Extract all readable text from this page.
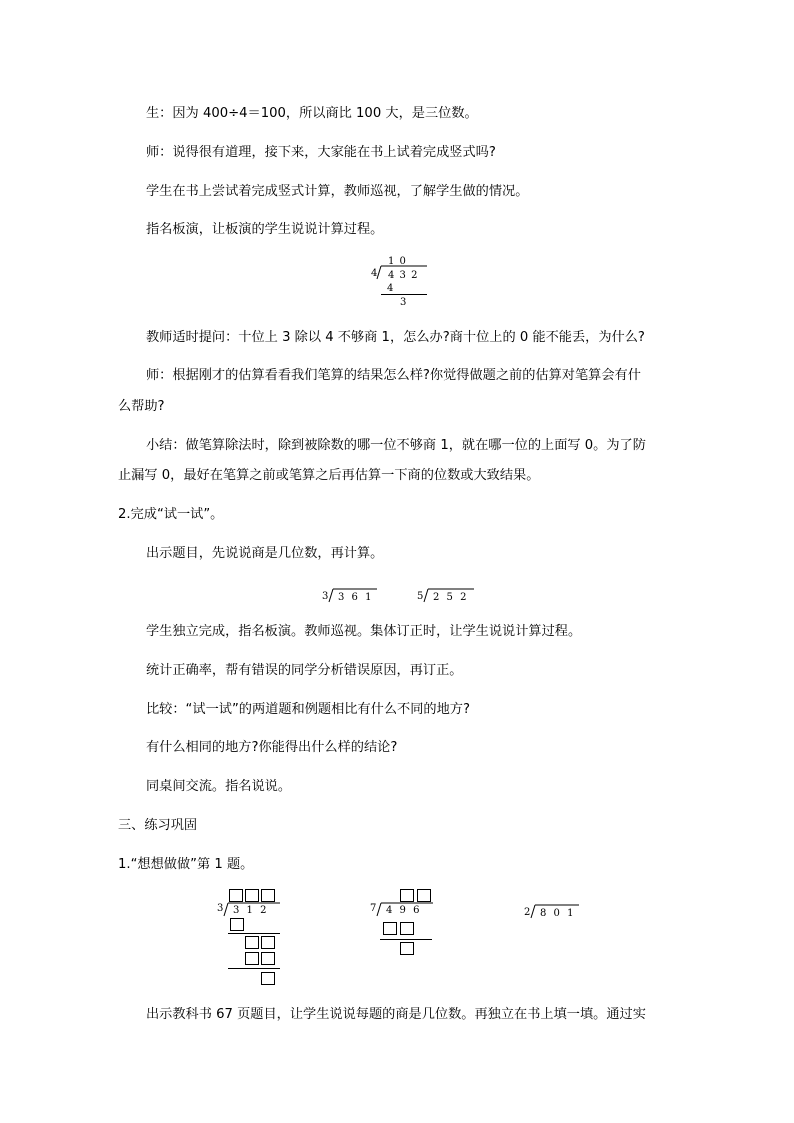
生：因为 400÷4＝100，所以商比 100 大，是三位数。
师：说得很有道理，接下来，大家能在书上试着完成竖式吗?
学生在书上尝试着完成竖式计算，教师巡视，了解学生做的情况。
指名板演，让板演的学生说说计算过程。
1 0
4 4 3 2
4
3
教师适时提问：十位上 3 除以 4 不够商 1，怎么办?商十位上的 0 能不能丢，为什么?
师：根据刚才的估算看看我们笔算的结果怎么样?你觉得做题之前的估算对笔算会有什
么帮助?
小结：做笔算除法时，除到被除数的哪一位不够商 1，就在哪一位的上面写 0。为了防
止漏写 0，最好在笔算之前或笔算之后再估算一下商的位数或大致结果。
2.完成“试一试”。
出示题目，先说说商是几位数，再计算。
3 3 6 1	5 2 5 2
学生独立完成，指名板演。教师巡视。集体订正时，让学生说说计算过程。
统计正确率，帮有错误的同学分析错误原因，再订正。
比较：“试一试”的两道题和例题相比有什么不同的地方?
有什么相同的地方?你能得出什么样的结论?
同桌间交流。指名说说。
三、练习巩固
1.“想想做做”第 1 题。
3 3 1 2	7 4 9 6	2 8 0 1
出示教科书 67 页题目，让学生说说每题的商是几位数。再独立在书上填一填。通过实
